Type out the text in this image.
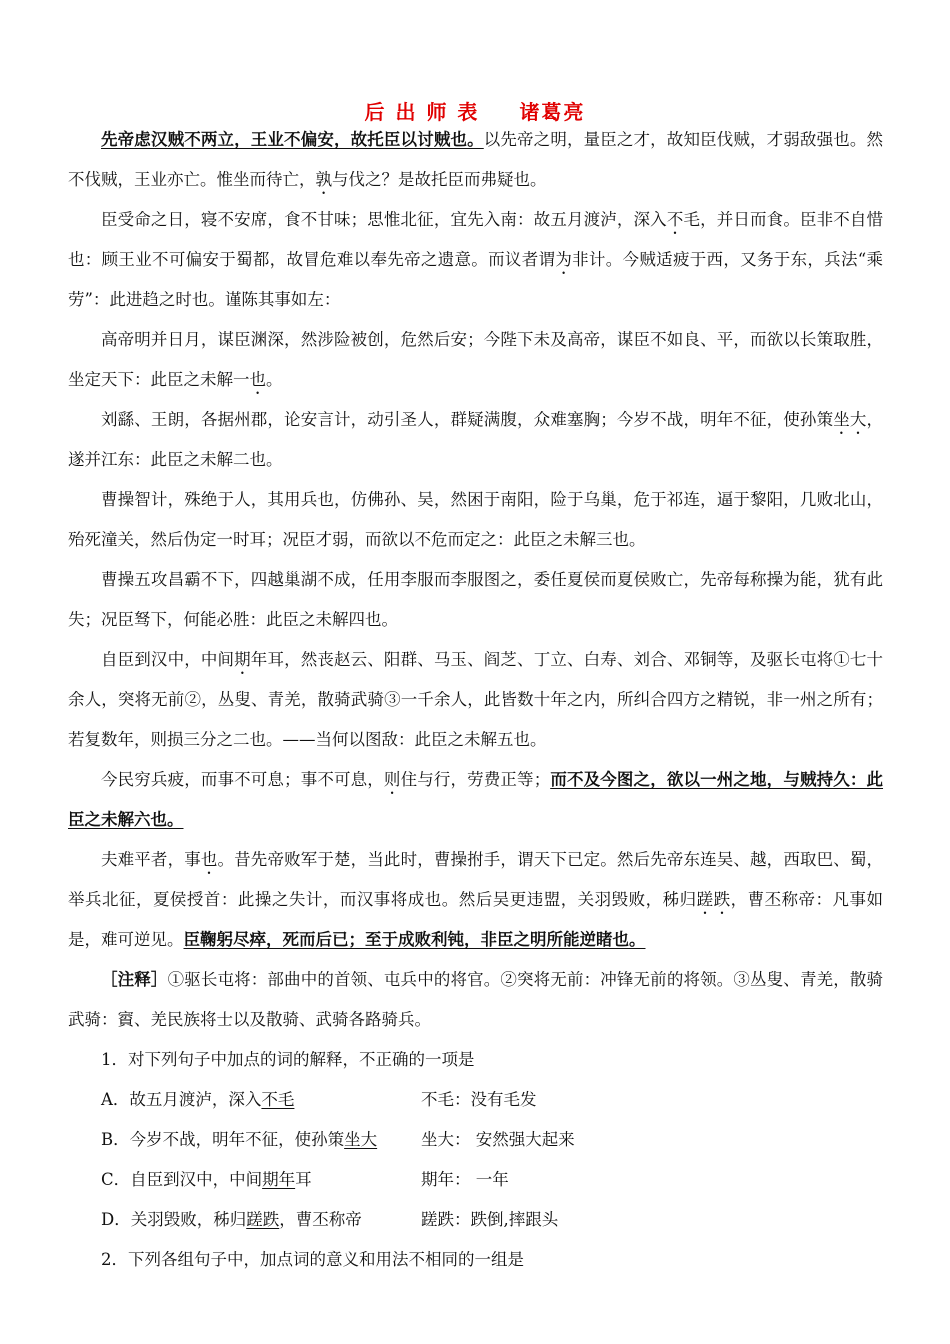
后 出 师 表 诸葛亮

先帝虑汉贼不两立，王业不偏安，故托臣以讨贼也。以先帝之明，量臣之才，故知臣伐贼，才弱敌强也。然不伐贼，王业亦亡。惟坐而待亡，孰与伐之？是故托臣而弗疑也。

臣受命之日，寝不安席，食不甘味；思惟北征，宜先入南：故五月渡泸，深入不毛，并日而食。臣非不自惜也：顾王业不可偏安于蜀都，故冒危难以奉先帝之遗意。而议者谓为非计。今贼适疲于西，又务于东，兵法“乘劳”：此进趋之时也。谨陈其事如左：

高帝明并日月，谋臣渊深，然涉险被创，危然后安；今陛下未及高帝，谋臣不如良、平，而欲以长策取胜，坐定天下：此臣之未解一也。

刘繇、王朗，各据州郡，论安言计，动引圣人，群疑满腹，众难塞胸；今岁不战，明年不征，使孙策坐大，遂并江东：此臣之未解二也。

曹操智计，殊绝于人，其用兵也，仿佛孙、吴，然困于南阳，险于乌巢，危于祁连，逼于黎阳，几败北山，殆死潼关，然后伪定一时耳；况臣才弱，而欲以不危而定之：此臣之未解三也。

曹操五攻昌霸不下，四越巢湖不成，任用李服而李服图之，委任夏侯而夏侯败亡，先帝每称操为能，犹有此失；况臣驽下，何能必胜：此臣之未解四也。

自臣到汉中，中间期年耳，然丧赵云、阳群、马玉、阎芝、丁立、白寿、刘合、邓铜等，及驱长屯将①七十余人，突将无前②，丛叟、青羌，散骑武骑③一千余人，此皆数十年之内，所纠合四方之精锐，非一州之所有；若复数年，则损三分之二也。——当何以图敌：此臣之未解五也。

今民穷兵疲，而事不可息；事不可息，则住与行，劳费正等；而不及今图之，欲以一州之地，与贼持久：此臣之未解六也。

夫难平者，事也。昔先帝败军于楚，当此时，曹操拊手，谓天下已定。然后先帝东连吴、越，西取巴、蜀，举兵北征，夏侯授首：此操之失计，而汉事将成也。然后吴更违盟，关羽毁败，秭归蹉跌，曹丕称帝：凡事如是，难可逆见。臣鞠躬尽瘁，死而后已；至于成败利钝，非臣之明所能逆睹也。

［注释］①驱长屯将：部曲中的首领、屯兵中的将官。②突将无前：冲锋无前的将领。③丛叟、青羌，散骑武骑：賨、羌民族将士以及散骑、武骑各路骑兵。

1．对下列句子中加点的词的解释，不正确的一项是

A．故五月渡泸，深入不毛	不毛：没有毛发
B．今岁不战，明年不征，使孙策坐大	坐大： 安然强大起来
C．自臣到汉中，中间期年耳	期年： 一年
D．关羽毁败，秭归蹉跌，曹丕称帝	蹉跌：跌倒,摔跟头

2．下列各组句子中，加点词的意义和用法不相同的一组是
